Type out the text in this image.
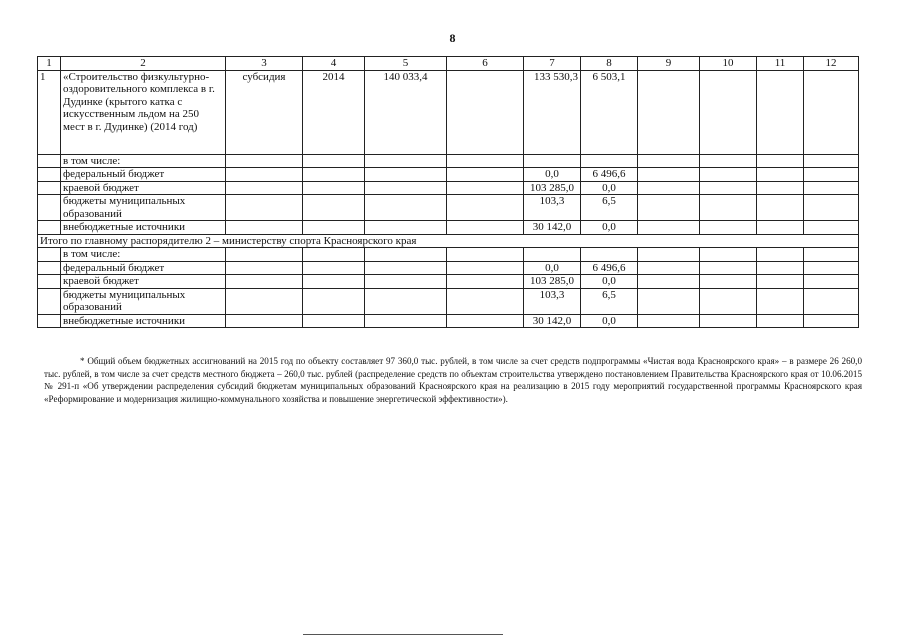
8
1	2	3	4	5	6	7	8	9	10	11	12
1	«Строительство физкультурно-оздоровительного комплекса в г. Дудинке (крытого катка с искусственным льдом на 250 мест в г. Дудинке) (2014 год)	субсидия	2014	140 033,4		133 530,3	6 503,1				
	в том числе:										
	федеральный бюджет					0,0	6 496,6				
	краевой бюджет					103 285,0	0,0				
	бюджеты муниципальных образований					103,3	6,5				
	внебюджетные источники					30 142,0	0,0				
Итого по главному распорядителю 2 – министерству спорта Красноярского края											
	в том числе:										
	федеральный бюджет					0,0	6 496,6				
	краевой бюджет					103 285,0	0,0				
	бюджеты муниципальных образований					103,3	6,5				
	внебюджетные источники					30 142,0	0,0				
* Общий объем бюджетных ассигнований на 2015 год по объекту составляет 97 360,0 тыс. рублей, в том числе за счет средств подпрограммы «Чистая вода Красноярского края» – в размере 26 260,0 тыс. рублей, в том числе за счет средств местного бюджета – 260,0 тыс. рублей (распределение средств по объектам строительства утверждено постановлением Правительства Красноярского края от 10.06.2015 № 291-п «Об утверждении распределения субсидий бюджетам муниципальных образований Красноярского края на реализацию в 2015 году мероприятий государственной программы Красноярского края «Реформирование и модернизация жилищно-коммунального хозяйства и повышение энергетической эффективности»).
